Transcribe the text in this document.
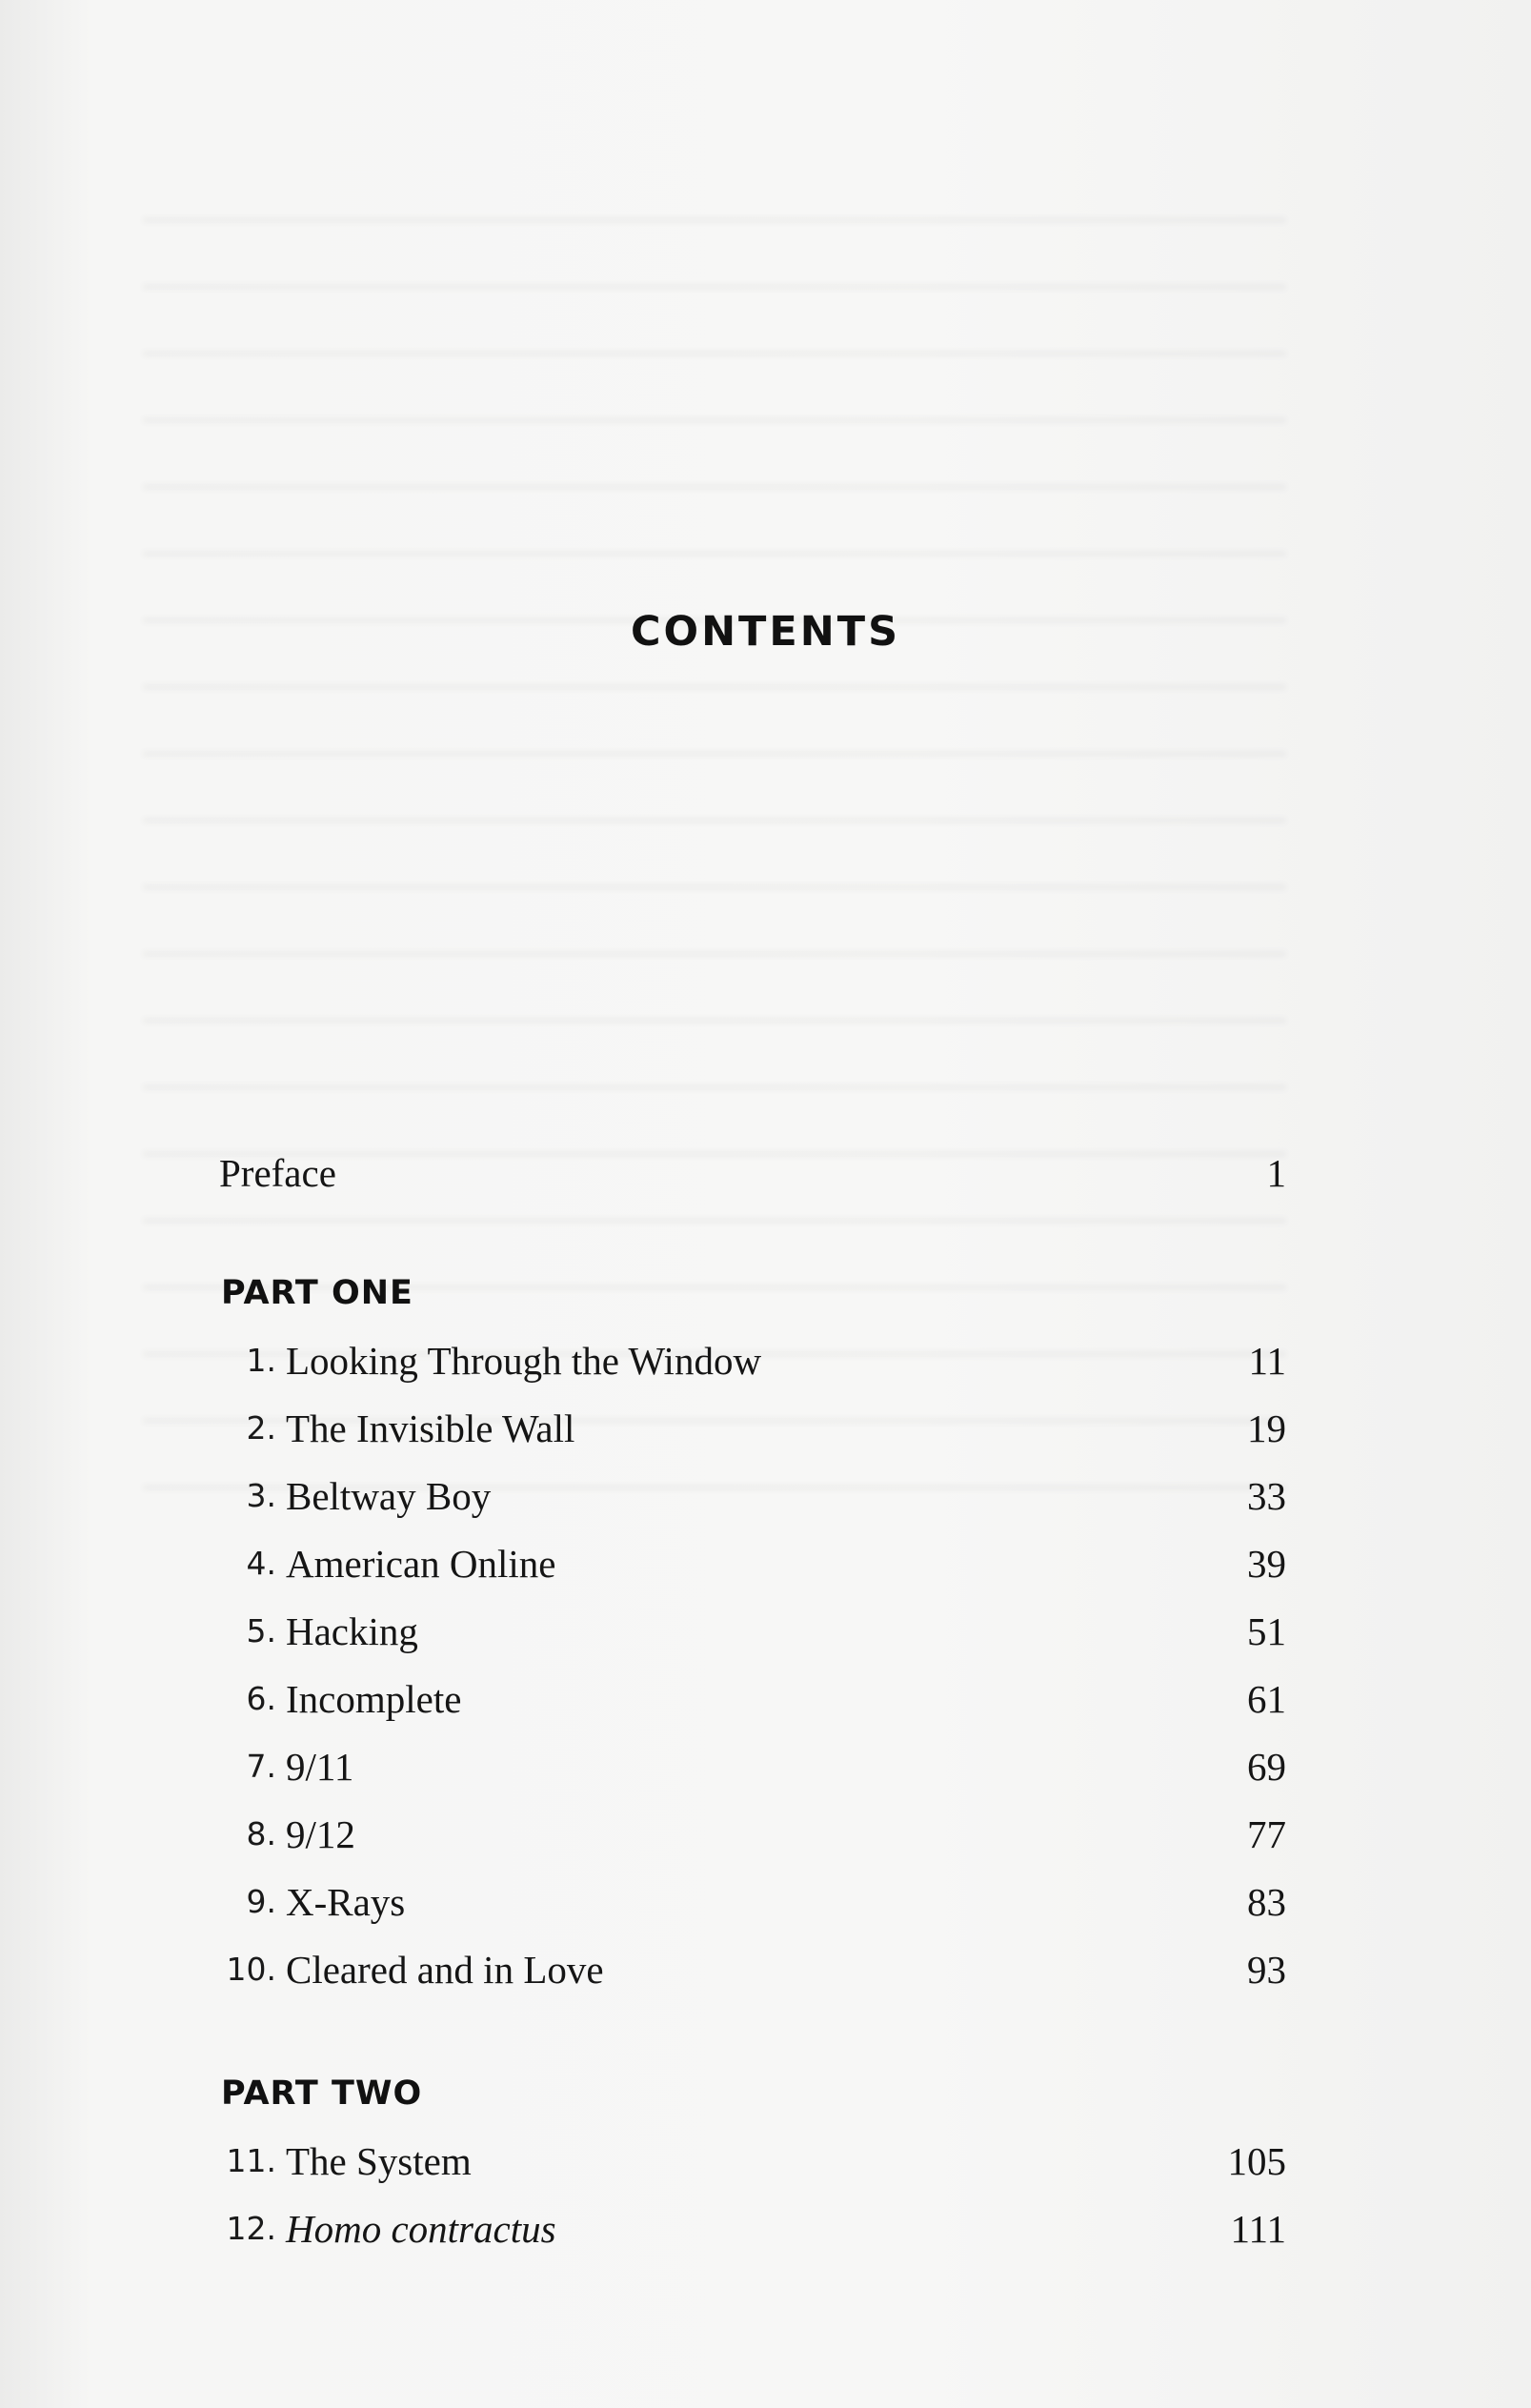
CONTENTS
Preface	1
PART ONE
1. Looking Through the Window	11
2. The Invisible Wall	19
3. Beltway Boy	33
4. American Online	39
5. Hacking	51
6. Incomplete	61
7. 9/11	69
8. 9/12	77
9. X-Rays	83
10. Cleared and in Love	93
PART TWO
11. The System	105
12. Homo contractus	111
